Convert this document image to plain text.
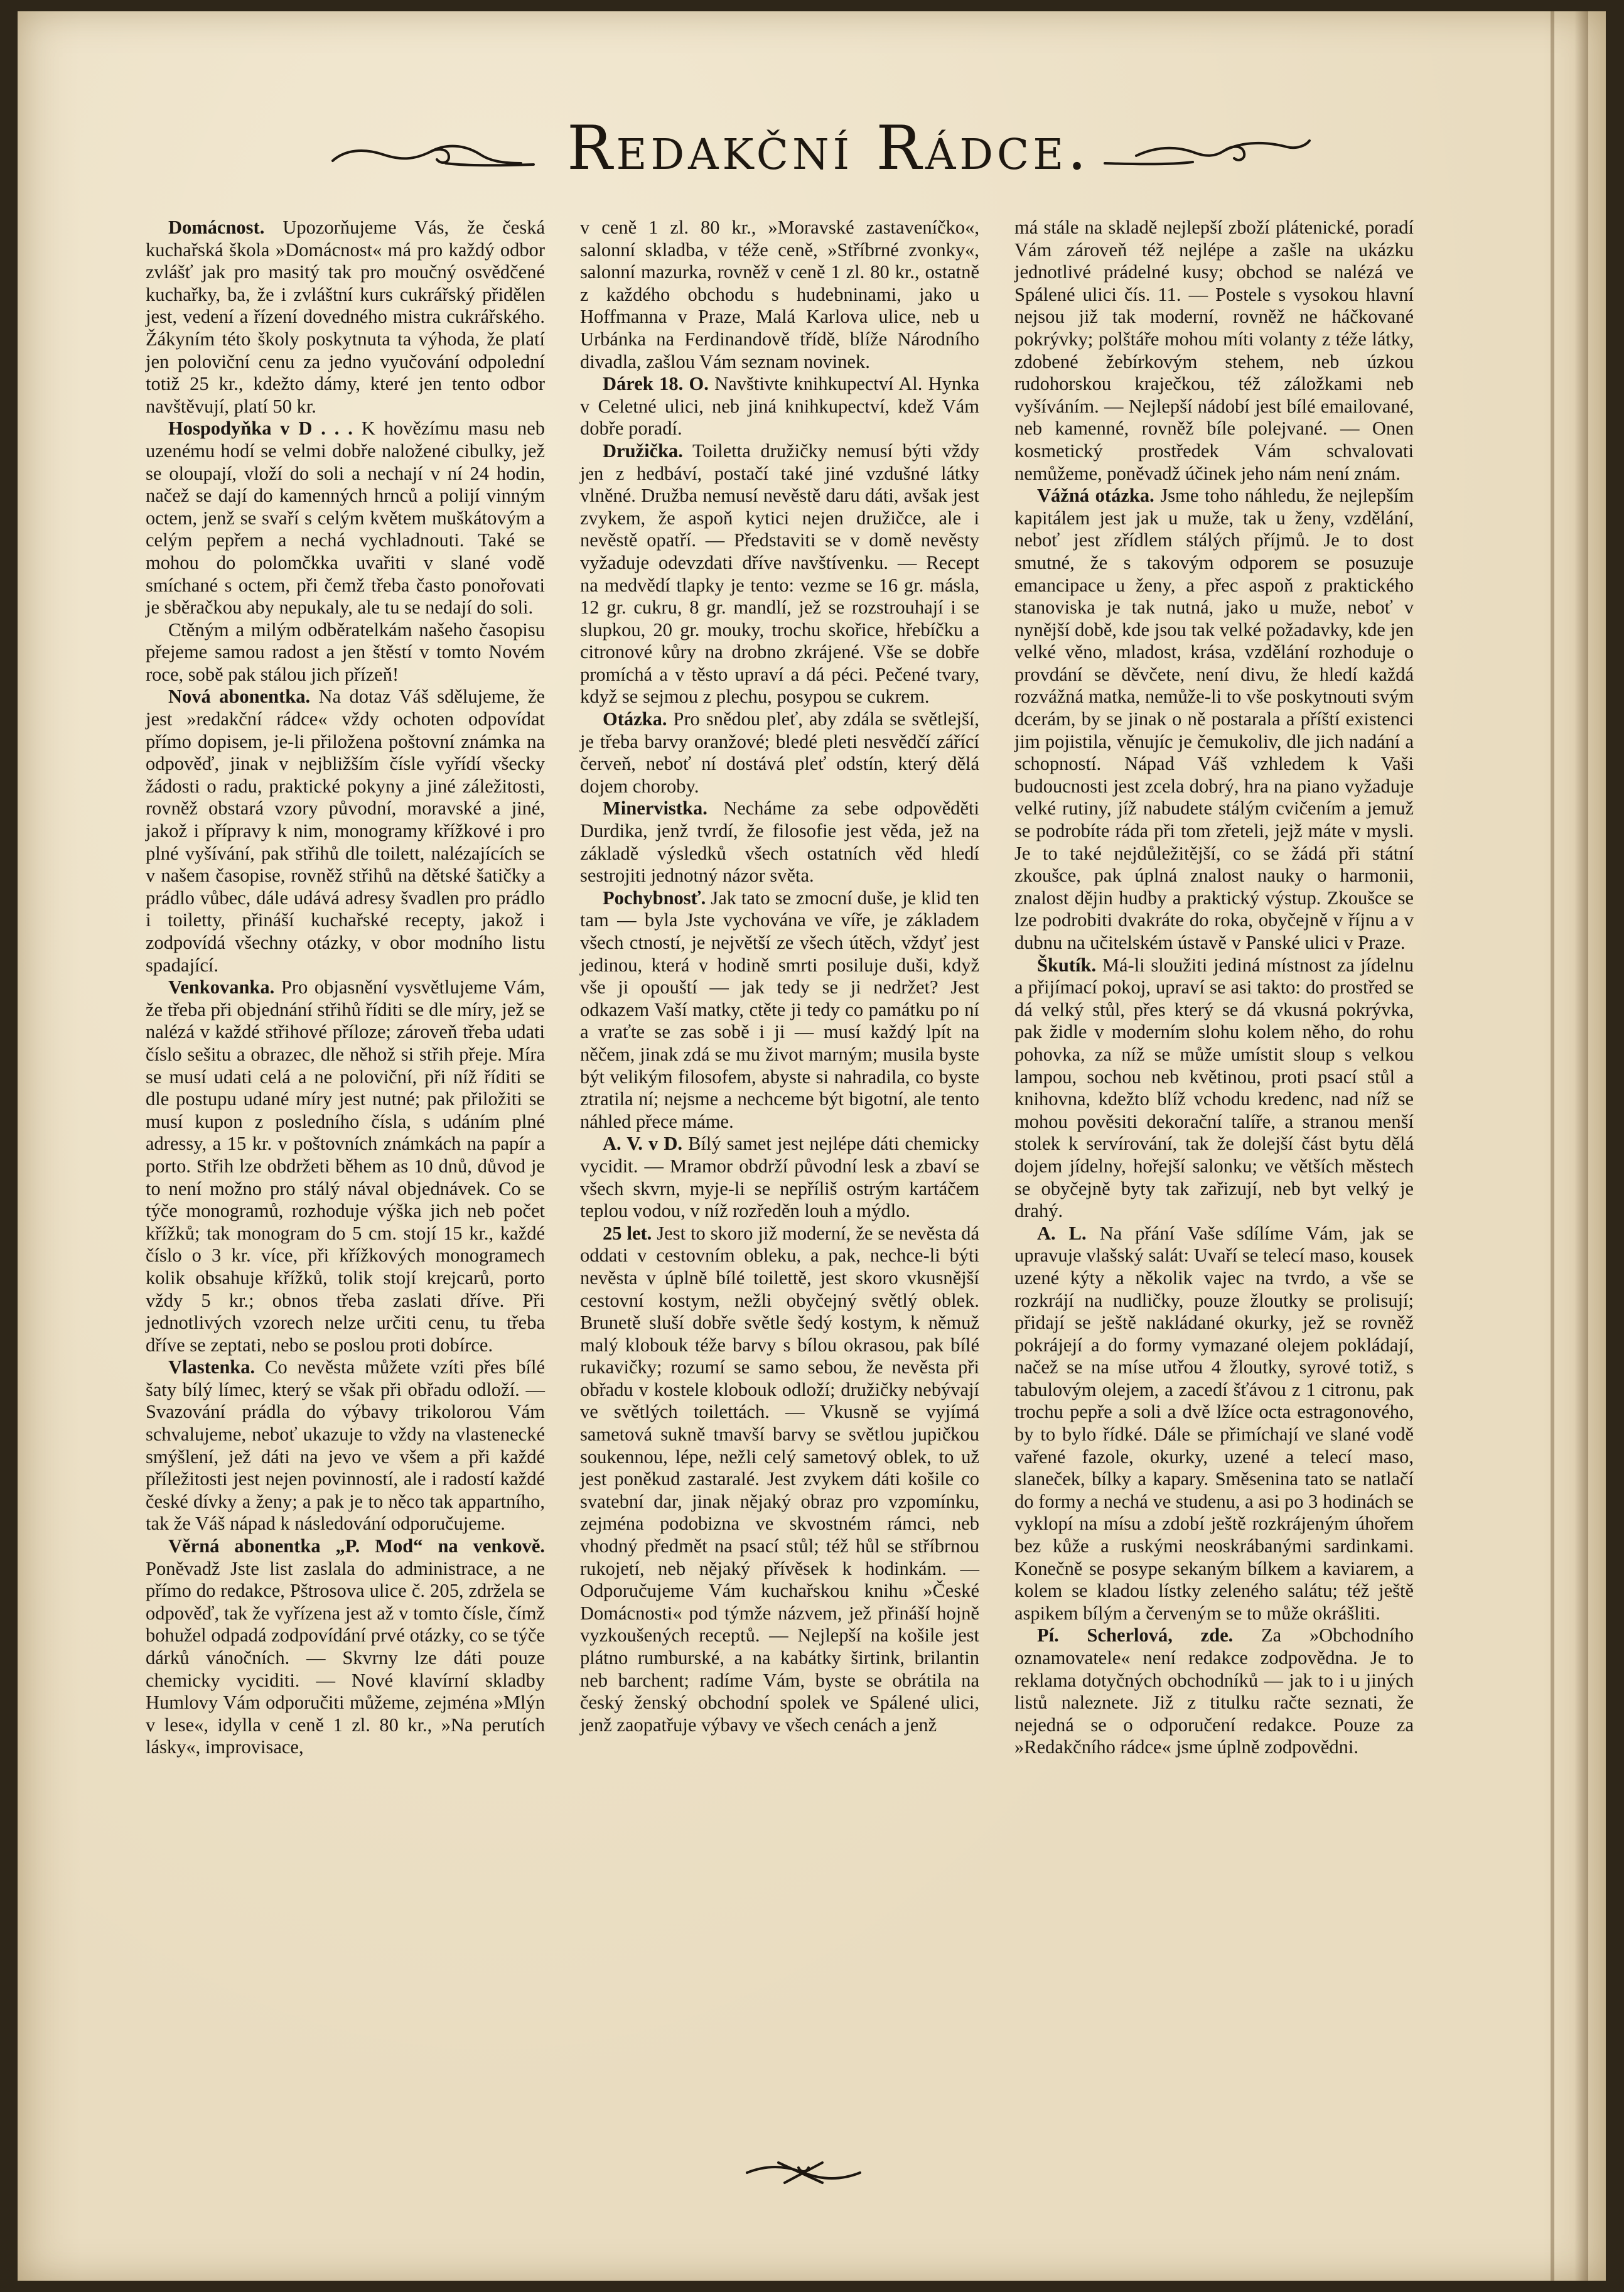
Redakční Rádce.

Domácnost. Upozorňujeme Vás, že česká kuchařská škola »Domácnost« má pro každý odbor zvlášť jak pro masitý tak pro moučný osvědčené kuchařky, ba, že i zvláštní kurs cukrářský přidělen jest, vedení a řízení dovedného mistra cukrářského. Žákyním této školy poskytnuta ta výhoda, že platí jen poloviční cenu za jedno vyučování odpolední totiž 25 kr., kdežto dámy, které jen tento odbor navštěvují, platí 50 kr.

Hospodyňka v D . . . K hovězímu masu neb uzenému hodí se velmi dobře naložené cibulky, jež se oloupají, vloží do soli a nechají v ní 24 hodin, načež se dají do kamenných hrnců a polijí vinným octem, jenž se svaří s celým květem muškátovým a celým pepřem a nechá vychladnouti. Také se mohou do polomčkka uvařiti v slané vodě smíchané s octem, při čemž třeba často ponořovati je sběračkou aby nepukaly, ale tu se nedají do soli.

Ctěným a milým odběratelkám našeho časopisu přejeme samou radost a jen štěstí v tomto Novém roce, sobě pak stálou jich přízeň!

Nová abonentka. Na dotaz Váš sdělujeme, že jest »redakční rádce« vždy ochoten odpovídat přímo dopisem, je-li přiložena poštovní známka na odpověď, jinak v nejbližším čísle vyřídí všecky žádosti o radu, praktické pokyny a jiné záležitosti, rovněž obstará vzory původní, moravské a jiné, jakož i přípravy k nim, monogramy křížkové i pro plné vyšívání, pak střihů dle toilett, nalézajících se v našem časopise, rovněž střihů na dětské šatičky a prádlo vůbec, dále udává adresy švadlen pro prádlo i toiletty, přináší kuchařské recepty, jakož i zodpovídá všechny otázky, v obor modního listu spadající.

Venkovanka. Pro objasnění vysvětlujeme Vám, že třeba při objednání střihů říditi se dle míry, jež se nalézá v každé střihové příloze; zároveň třeba udati číslo sešitu a obrazec, dle něhož si střih přeje. Míra se musí udati celá a ne poloviční, při níž říditi se dle postupu udané míry jest nutné; pak přiložiti se musí kupon z posledního čísla, s udáním plné adressy, a 15 kr. v poštovních známkách na papír a porto. Střih lze obdržeti během as 10 dnů, důvod je to není možno pro stálý nával objednávek. Co se týče monogramů, rozhoduje výška jich neb počet křížků; tak monogram do 5 cm. stojí 15 kr., každé číslo o 3 kr. více, při křížkových monogramech kolik obsahuje křížků, tolik stojí krejcarů, porto vždy 5 kr.; obnos třeba zaslati dříve. Při jednotlivých vzorech nelze určiti cenu, tu třeba dříve se zeptati, nebo se poslou proti dobírce.

Vlastenka. Co nevěsta můžete vzíti přes bílé šaty bílý límec, který se však při obřadu odloží. — Svazování prádla do výbavy trikolorou Vám schvalujeme, neboť ukazuje to vždy na vlastenecké smýšlení, jež dáti na jevo ve všem a při každé příležitosti jest nejen povinností, ale i radostí každé české dívky a ženy; a pak je to něco tak appartního, tak že Váš nápad k následování odporučujeme.

Věrná abonentka „P. Mod“ na venkově. Poněvadž Jste list zaslala do administrace, a ne přímo do redakce, Pštrosova ulice č. 205, zdržela se odpověď, tak že vyřízena jest až v tomto čísle, čímž bohužel odpadá zodpovídání prvé otázky, co se týče dárků vánočních. — Skvrny lze dáti pouze chemicky vyciditi. — Nové klavírní skladby Humlovy Vám odporučiti můžeme, zejména »Mlýn v lese«, idylla v ceně 1 zl. 80 kr., »Na perutích lásky«, improvisace,

v ceně 1 zl. 80 kr., »Moravské zastaveníčko«, salonní skladba, v téže ceně, »Stříbrné zvonky«, salonní mazurka, rovněž v ceně 1 zl. 80 kr., ostatně z každého obchodu s hudebninami, jako u Hoffmanna v Praze, Malá Karlova ulice, neb u Urbánka na Ferdinandově třídě, blíže Národního divadla, zašlou Vám seznam novinek.

Dárek 18. O. Navštivte knihkupectví Al. Hynka v Celetné ulici, neb jiná knihkupectví, kdež Vám dobře poradí.

Družička. Toiletta družičky nemusí býti vždy jen z hedbáví, postačí také jiné vzdušné látky vlněné. Družba nemusí nevěstě daru dáti, avšak jest zvykem, že aspoň kytici nejen družičce, ale i nevěstě opatří. — Představiti se v domě nevěsty vyžaduje odevzdati dříve navštívenku. — Recept na medvědí tlapky je tento: vezme se 16 gr. másla, 12 gr. cukru, 8 gr. mandlí, jež se rozstrouhají i se slupkou, 20 gr. mouky, trochu skořice, hřebíčku a citronové kůry na drobno zkrájené. Vše se dobře promíchá a v těsto upraví a dá péci. Pečené tvary, když se sejmou z plechu, posypou se cukrem.

Otázka. Pro snědou pleť, aby zdála se světlejší, je třeba barvy oranžové; bledé pleti nesvědčí zářící červeň, neboť ní dostává pleť odstín, který dělá dojem choroby.

Minervistka. Necháme za sebe odpověděti Durdika, jenž tvrdí, že filosofie jest věda, jež na základě výsledků všech ostatních věd hledí sestrojiti jednotný názor světa.

Pochybnosť. Jak tato se zmocní duše, je klid ten tam — byla Jste vychována ve víře, je základem všech ctností, je největší ze všech útěch, vždyť jest jedinou, která v hodině smrti posiluje duši, když vše ji opouští — jak tedy se ji nedržet? Jest odkazem Vaší matky, ctěte ji tedy co památku po ní a vraťte se zas sobě i ji — musí každý lpít na něčem, jinak zdá se mu život marným; musila byste být velikým filosofem, abyste si nahradila, co byste ztratila ní; nejsme a nechceme být bigotní, ale tento náhled přece máme.

A. V. v D. Bílý samet jest nejlépe dáti chemicky vycidit. — Mramor obdrží původní lesk a zbaví se všech skvrn, myje-li se nepříliš ostrým kartáčem teplou vodou, v níž rozředěn louh a mýdlo.

25 let. Jest to skoro již moderní, že se nevěsta dá oddati v cestovním obleku, a pak, nechce-li býti nevěsta v úplně bílé toilettě, jest skoro vkusnější cestovní kostym, nežli obyčejný světlý oblek. Brunetě sluší dobře světle šedý kostym, k němuž malý klobouk téže barvy s bílou okrasou, pak bílé rukavičky; rozumí se samo sebou, že nevěsta při obřadu v kostele klobouk odloží; družičky nebývají ve světlých toilettách. — Vkusně se vyjímá sametová sukně tmavší barvy se světlou jupičkou soukennou, lépe, nežli celý sametový oblek, to už jest poněkud zastaralé. Jest zvykem dáti košile co svatební dar, jinak nějaký obraz pro vzpomínku, zejména podobizna ve skvostném rámci, neb vhodný předmět na psací stůl; též hůl se stříbrnou rukojetí, neb nějaký přívěsek k hodinkám. — Odporučujeme Vám kuchařskou knihu »České Domácnosti« pod týmže názvem, jež přináší hojně vyzkoušených receptů. — Nejlepší na košile jest plátno rumburské, a na kabátky širtink, brilantin neb barchent; radíme Vám, byste se obrátila na český ženský obchodní spolek ve Spálené ulici, jenž zaopatřuje výbavy ve všech cenách a jenž

má stále na skladě nejlepší zboží plátenické, poradí Vám zároveň též nejlépe a zašle na ukázku jednotlivé prádelné kusy; obchod se nalézá ve Spálené ulici čís. 11. — Postele s vysokou hlavní nejsou již tak moderní, rovněž ne háčkované pokrývky; polštáře mohou míti volanty z téže látky, zdobené žebírkovým stehem, neb úzkou rudohorskou kraječkou, též záložkami neb vyšíváním. — Nejlepší nádobí jest bílé emailované, neb kamenné, rovněž bíle polejvané. — Onen kosmetický prostředek Vám schvalovati nemůžeme, poněvadž účinek jeho nám není znám.

Vážná otázka. Jsme toho náhledu, že nejlepším kapitálem jest jak u muže, tak u ženy, vzdělání, neboť jest zřídlem stálých příjmů. Je to dost smutné, že s takovým odporem se posuzuje emancipace u ženy, a přec aspoň z praktického stanoviska je tak nutná, jako u muže, neboť v nynější době, kde jsou tak velké požadavky, kde jen velké věno, mladost, krása, vzdělání rozhoduje o provdání se děvčete, není divu, že hledí každá rozvážná matka, nemůže-li to vše poskytnouti svým dcerám, by se jinak o ně postarala a příští existenci jim pojistila, věnujíc je čemukoliv, dle jich nadání a schopností. Nápad Váš vzhledem k Vaši budoucnosti jest zcela dobrý, hra na piano vyžaduje velké rutiny, jíž nabudete stálým cvičením a jemuž se podrobíte ráda při tom zřeteli, jejž máte v mysli. Je to také nejdůležitější, co se žádá při státní zkoušce, pak úplná znalost nauky o harmonii, znalost dějin hudby a praktický výstup. Zkoušce se lze podrobiti dvakráte do roka, obyčejně v říjnu a v dubnu na učitelském ústavě v Panské ulici v Praze.

Škutík. Má-li sloužiti jediná místnost za jídelnu a přijímací pokoj, upraví se asi takto: do prostřed se dá velký stůl, přes který se dá vkusná pokrývka, pak židle v moderním slohu kolem něho, do rohu pohovka, za níž se může umístit sloup s velkou lampou, sochou neb květinou, proti psací stůl a knihovna, kdežto blíž vchodu kredenc, nad níž se mohou pověsiti dekorační talíře, a stranou menší stolek k servírování, tak že dolejší část bytu dělá dojem jídelny, hořejší salonku; ve větších městech se obyčejně byty tak zařizují, neb byt velký je drahý.

A. L. Na přání Vaše sdílíme Vám, jak se upravuje vlašský salát: Uvaří se telecí maso, kousek uzené kýty a několik vajec na tvrdo, a vše se rozkrájí na nudličky, pouze žloutky se prolisují; přidají se ještě nakládané okurky, jež se rovněž pokrájejí a do formy vymazané olejem pokládají, načež se na míse utřou 4 žloutky, syrové totiž, s tabulovým olejem, a zacedí šťávou z 1 citronu, pak trochu pepře a soli a dvě lžíce octa estragonového, by to bylo řídké. Dále se přimíchají ve slané vodě vařené fazole, okurky, uzené a telecí maso, slaneček, bílky a kapary. Směsenina tato se natlačí do formy a nechá ve studenu, a asi po 3 hodinách se vyklopí na mísu a zdobí ještě rozkrájeným úhořem bez kůže a ruskými neoskrábanými sardinkami. Konečně se posype sekaným bílkem a kaviarem, a kolem se kladou lístky zeleného salátu; též ještě aspikem bílým a červeným se to může okrášliti.

Pí. Scherlová, zde. Za »Obchodního oznamovatele« není redakce zodpovědna. Je to reklama dotyčných obchodníků — jak to i u jiných listů naleznete. Již z titulku račte seznati, že nejedná se o odporučení redakce. Pouze za »Redakčního rádce« jsme úplně zodpovědni.
